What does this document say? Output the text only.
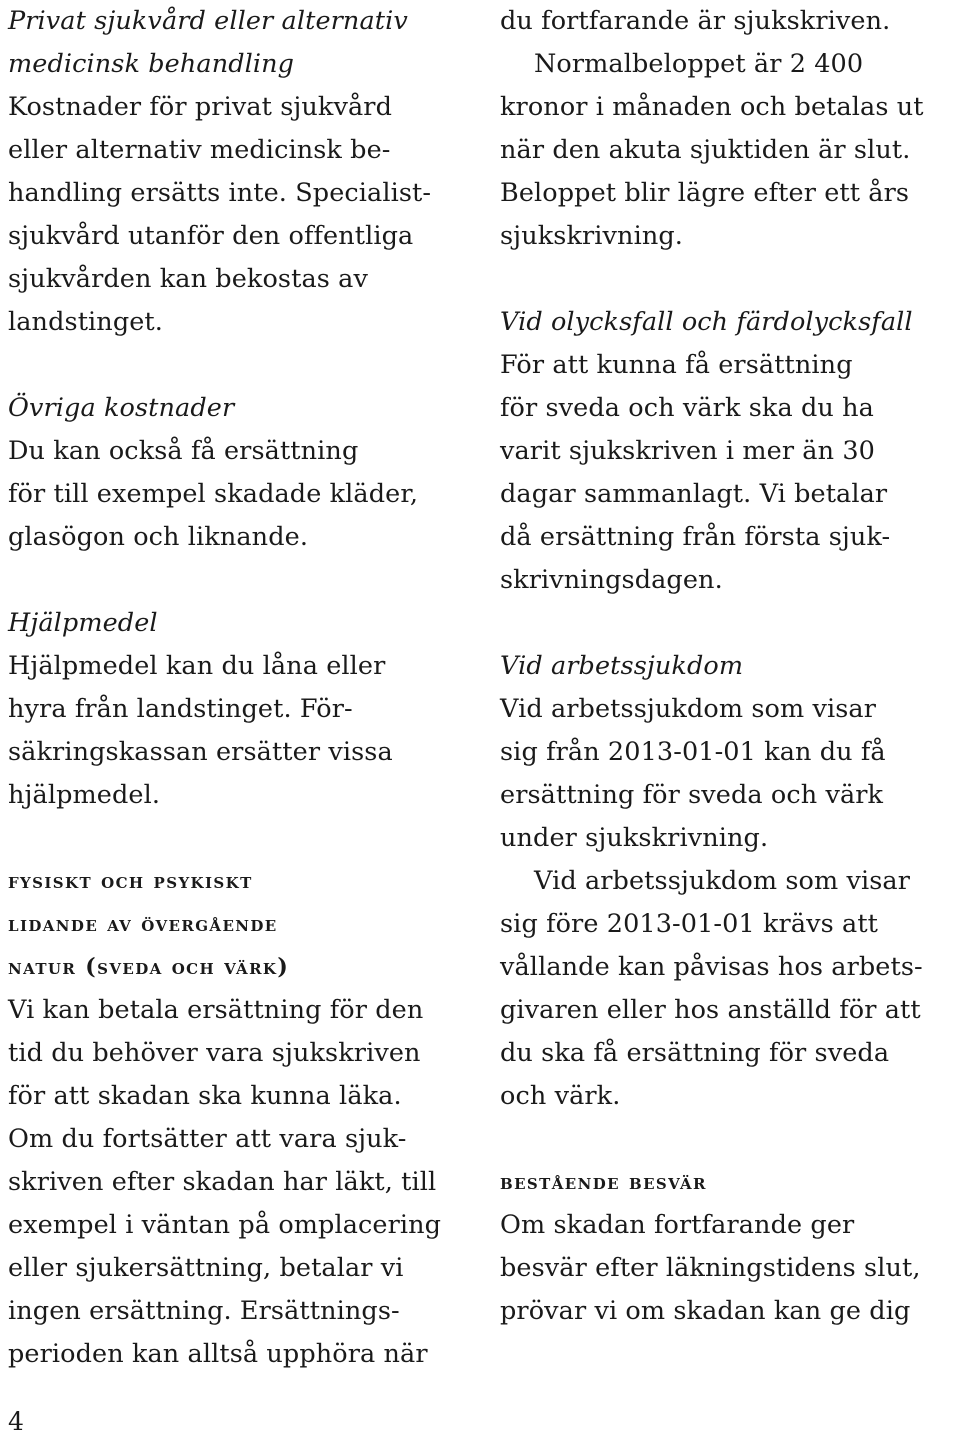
Privat sjukvård eller alternativ
medicinsk behandling
Kostnader för privat sjukvård
eller alternativ medicinsk be-
handling ersätts inte. Specialist-
sjukvård utanför den offentliga
sjukvården kan bekostas av
landstinget.
Övriga kostnader
Du kan också få ersättning
för till exempel skadade kläder,
glasögon och liknande.
Hjälpmedel
Hjälpmedel kan du låna eller
hyra från landstinget. För-
säkringskassan ersätter vissa
hjälpmedel.
fysiskt och psykiskt
lidande av övergående
natur (sveda och värk)
Vi kan betala ersättning för den
tid du behöver vara sjukskriven
för att skadan ska kunna läka.
Om du fortsätter att vara sjuk-
skriven efter skadan har läkt, till
exempel i väntan på omplacering
eller sjukersättning, betalar vi
ingen ersättning. Ersättnings-
perioden kan alltså upphöra när
du fortfarande är sjukskriven.
Normalbeloppet är 2 400
kronor i månaden och betalas ut
när den akuta sjuktiden är slut.
Beloppet blir lägre efter ett års
sjukskrivning.
Vid olycksfall och färdolycksfall
För att kunna få ersättning
för sveda och värk ska du ha
varit sjukskriven i mer än 30
dagar sammanlagt. Vi betalar
då ersättning från första sjuk-
skrivningsdagen.
Vid arbetssjukdom
Vid arbetssjukdom som visar
sig från 2013-01-01 kan du få
ersättning för sveda och värk
under sjukskrivning.
Vid arbetssjukdom som visar
sig före 2013-01-01 krävs att
vållande kan påvisas hos arbets-
givaren eller hos anställd för att
du ska få ersättning för sveda
och värk.
bestående besvär
Om skadan fortfarande ger
besvär efter läkningstidens slut,
prövar vi om skadan kan ge dig
4
